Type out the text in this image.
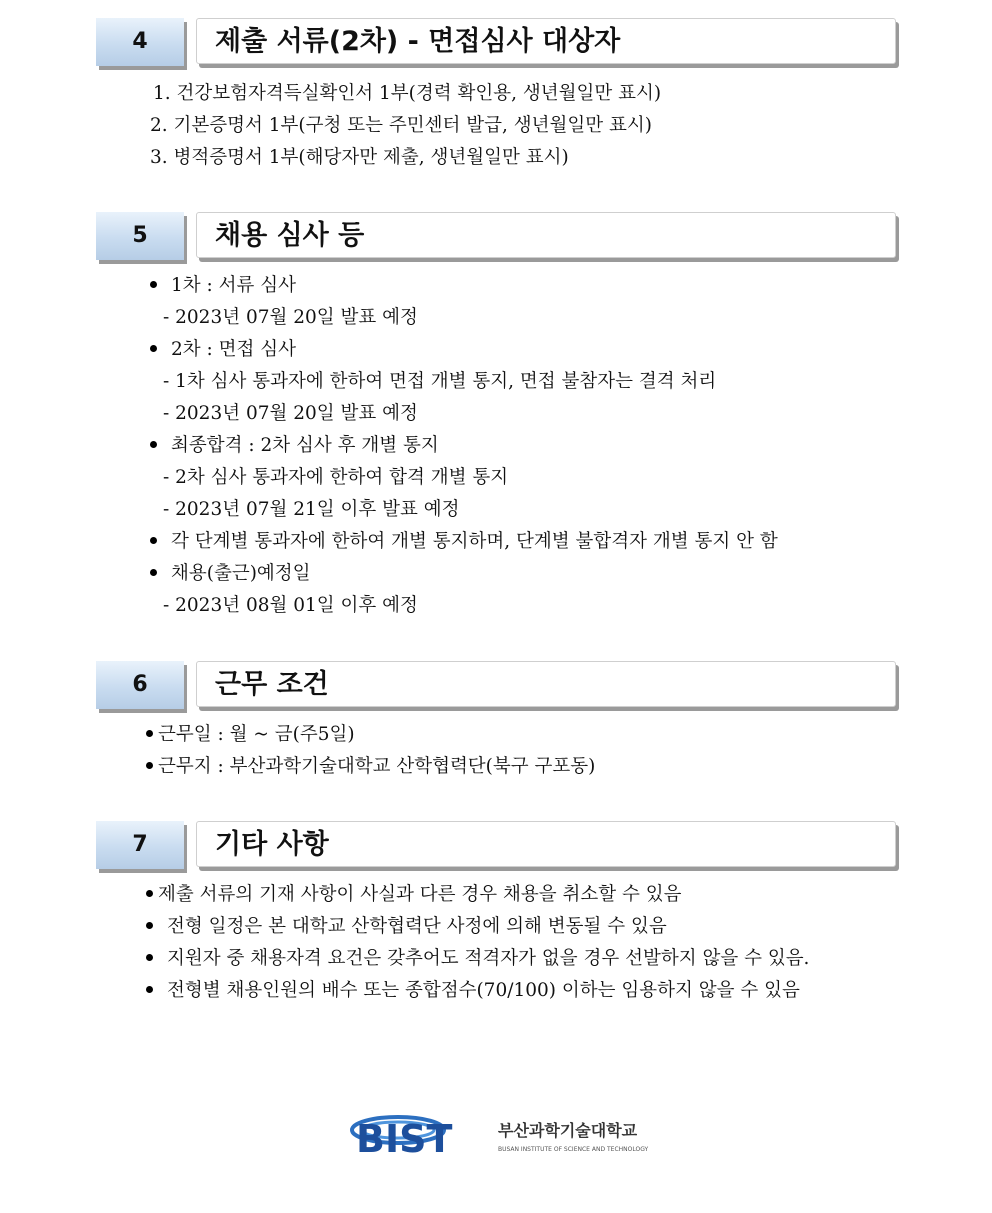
4	제출 서류(2차) - 면접심사 대상자
1. 건강보험자격득실확인서 1부(경력 확인용, 생년월일만 표시)
2. 기본증명서 1부(구청 또는 주민센터 발급, 생년월일만 표시)
3. 병적증명서 1부(해당자만 제출, 생년월일만 표시)
5	채용 심사 등
1차 : 서류 심사
- 2023년 07월 20일 발표 예정
2차 : 면접 심사
- 1차 심사 통과자에 한하여 면접 개별 통지, 면접 불참자는 결격 처리
- 2023년 07월 20일 발표 예정
최종합격 : 2차 심사 후 개별 통지
- 2차 심사 통과자에 한하여 합격 개별 통지
- 2023년 07월 21일 이후 발표 예정
각 단계별 통과자에 한하여 개별 통지하며, 단계별 불합격자 개별 통지 안 함
채용(출근)예정일
- 2023년 08월 01일 이후 예정
6	근무 조건
근무일 : 월 ~ 금(주5일)
근무지 : 부산과학기술대학교 산학협력단(북구 구포동)
7	기타 사항
제출 서류의 기재 사항이 사실과 다른 경우 채용을 취소할 수 있음
전형 일정은 본 대학교 산학협력단 사정에 의해 변동될 수 있음
지원자 중 채용자격 요건은 갖추어도 적격자가 없을 경우 선발하지 않을 수 있음.
전형별 채용인원의 배수 또는 종합점수(70/100) 이하는 임용하지 않을 수 있음
BIST	부산과학기술대학교
BUSAN INSTITUTE OF SCIENCE AND TECHNOLOGY
